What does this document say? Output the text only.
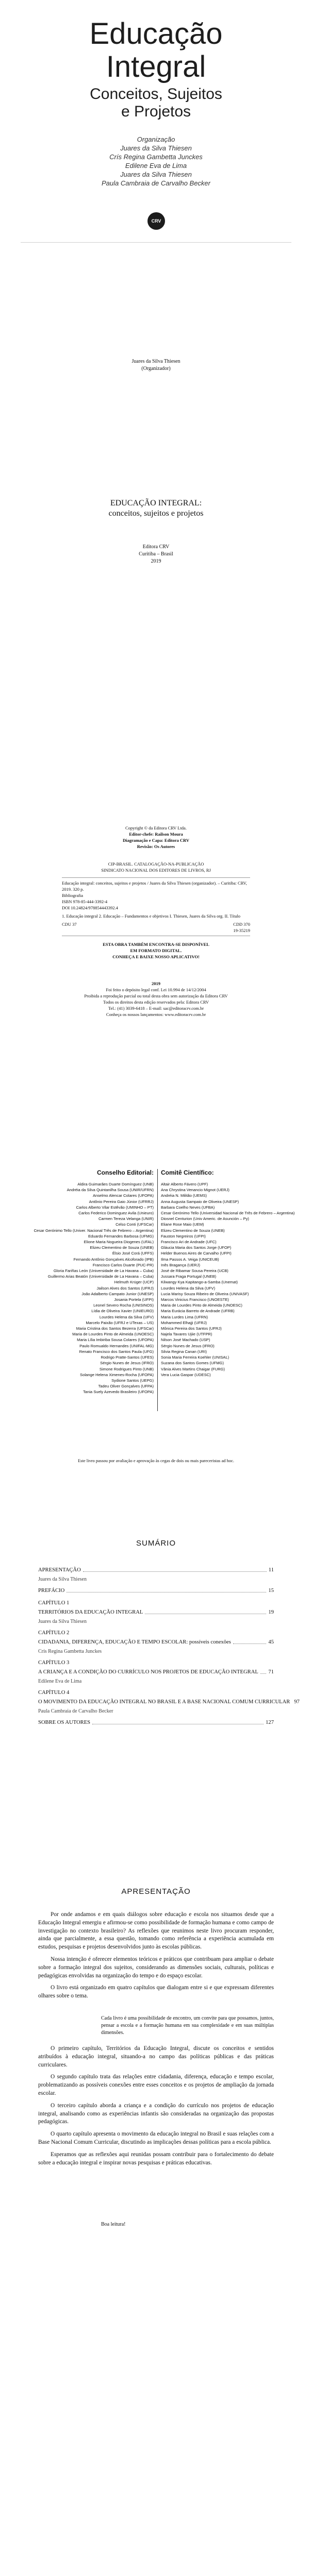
Educação
Integral
Conceitos, Sujeitos
e Projetos
Organização
Juares da Silva Thiesen
Crís Regina Gambetta Junckes
Edilene Eva de Lima
Juares da Silva Thiesen
Paula Cambraia de Carvalho Becker
CRV
Juares da Silva Thiesen
(Organizador)
EDUCAÇÃO INTEGRAL:
conceitos, sujeitos e projetos
Editora CRV
Curitiba – Brasil
2019
Copyright © da Editora CRV Ltda.
Editor-chefe: Railson Moura
Diagramação e Capa: Editora CRV
Revisão: Os Autores
CIP-BRASIL. CATALOGAÇÃO-NA-PUBLICAÇÃO
SINDICATO NACIONAL DOS EDITORES DE LIVROS, RJ
Educação integral: conceitos, sujeitos e projetos / Juares da Silva Thiesen (organizador). – Curitiba: CRV, 2019. 320 p.
Bibliografia
ISBN 978-85-444-3392-4
DOI 10.24824/978854443392.4
1. Educação integral 2. Educação – Fundamentos e objetivos I. Thiesen, Juares da Silva org. II. Título
CDU 37	CDD 370
19-35219
ESTA OBRA TAMBÉM ENCONTRA-SE DISPONÍVEL
EM FORMATO DIGITAL.
CONHEÇA E BAIXE NOSSO APLICATIVO!
2019
Foi feito o depósito legal conf. Lei 10.994 de 14/12/2004
Proibida a reprodução parcial ou total desta obra sem autorização da Editora CRV
Todos os direitos desta edição reservados pela: Editora CRV
Tel.: (41) 3039-6418 – E-mail: sac@editoracrv.com.br
Conheça os nossos lançamentos: www.editoracrv.com.br
Conselho Editorial: Comitê Científico:
Aldira Guimarães Duarte Domínguez (UNB)
Andréia da Silva Quintanilha Sousa (UNIR/UFRN)
Anselmo Alencar Colares (UFOPA)
Antônio Pereira Gaio Júnior (UFRRJ)
Carlos Alberto Vilar Estêvão (UMINHO – PT)
Carlos Federico Dominguez Avila (Unieuro)
Carmen Tereza Velanga (UNIR)
Celso Conti (UFSCar)
Cesar Gerónimo Tello (Univer. Nacional Três de Febrero – Argentina)
Eduardo Fernandes Barbosa (UFMG)
Elione Maria Nogueira Diogenes (UFAL)
Elizeu Clementino de Souza (UNEB)
Élsio José Corá (UFFS)
Fernando Antônio Gonçalves Alcoforado (IPB)
Francisco Carlos Duarte (PUC-PR)
Gloria Fariñas León (Universidade de La Havana – Cuba)
Guillermo Arias Beatón (Universidade de La Havana – Cuba)
Helmuth Krüger (UCP)
Jailson Alves dos Santos (UFRJ)
João Adalberto Campato Junior (UNESP)
Josania Portela (UFPI)
Leonel Severo Rocha (UNISINOS)
Lídia de Oliveira Xavier (UNIEURO)
Lourdes Helena da Silva (UFV)
Marcelo Paixão (UFRJ e UTexas – US)
Maria Cristina dos Santos Bezerra (UFSCar)
Maria de Lourdes Pinto de Almeida (UNOESC)
Maria Lília Imbiriba Sousa Colares (UFOPA)
Paulo Romualdo Hernandes (UNIFAL-MG)
Renato Francisco dos Santos Paula (UFG)
Rodrigo Pratte-Santos (UFES)
Sérgio Nunes de Jesus (IFRO)
Simone Rodrigues Pinto (UNB)
Solange Helena Ximenes-Rocha (UFOPA)
Sydione Santos (UEPG)
Tadeu Oliver Gonçalves (UFPA)
Tania Suely Azevedo Brasileiro (UFOPA)
Altair Alberto Fávero (UPF)
Ana Chrystina Venancio Mignot (UERJ)
Andréia N. Militão (UEMS)
Anna Augusta Sampaio de Oliveira (UNESP)
Barbara Coelho Neves (UFBA)
Cesar Gerónimo Tello (Universidad Nacional de Três de Febrero – Argentina)
Diosnel Centurion (Univ Americ. de Asunción – Py)
Eliane Rose Maio (UEM)
Elizeu Clementino de Souza (UNEB)
Fauston Negreiros (UFPI)
Francisco Ari de Andrade (UFC)
Gláucia Maria dos Santos Jorge (UFOP)
Helder Buenos Aires de Carvalho (UFPI)
Ilma Passos A. Veiga (UNICEUB)
Inês Bragança (UERJ)
José de Ribamar Sousa Pereira (UCB)
Jussara Fraga Portugal (UNEB)
Kilwangy Kya Kapitango-a-Samba (Unemat)
Lourdes Helena da Silva (UFV)
Lucia Marisy Souza Ribeiro de Oliveira (UNIVASF)
Marcos Vinicius Francisco (UNOESTE)
Maria de Lourdes Pinto de Almeida (UNOESC)
Maria Eurácia Barreto de Andrade (UFRB)
Maria Lurdes Lima (UFRN)
Mohammed Elhajji (UFRJ)
Mônica Pereira dos Santos (UFRJ)
Najela Tavares Ujiie (UTFPR)
Nilson José Machado (USP)
Sérgio Nunes de Jesus (IFRO)
Silvia Regina Canan (URI)
Sonia Maria Ferreira Koehler (UNISAL)
Suzana dos Santos Gomes (UFMG)
Vânia Alves Martins Chaigar (FURG)
Vera Lucia Gaspar (UDESC)
Este livro passou por avaliação e aprovação às cegas de dois ou mais pareceristas ad hoc.
SUMÁRIO
APRESENTAÇÃO	11
Juares da Silva Thiesen
PREFÁCIO	15
CAPÍTULO 1
TERRITÓRIOS DA EDUCAÇÃO INTEGRAL	19
Juares da Silva Thiesen
CAPÍTULO 2
CIDADANIA, DIFERENÇA, EDUCAÇÃO E TEMPO ESCOLAR: possíveis conexões	45
Crís Regina Gambetta Junckes
CAPÍTULO 3
A CRIANÇA E A CONDIÇÃO DO CURRÍCULO NOS PROJETOS DE EDUCAÇÃO INTEGRAL 71
Edilene Eva de Lima
CAPÍTULO 4
O MOVIMENTO DA EDUCAÇÃO INTEGRAL NO BRASIL E A BASE NACIONAL COMUM CURRICULAR 97
Paula Cambraia de Carvalho Becker
SOBRE OS AUTORES	127
APRESENTAÇÃO

Por onde andamos e em quais diálogos sobre educação e escola nos situamos desde que a Educação Integral emergiu e afirmou-se como possibilidade de formação humana e como campo de investigação no contexto brasileiro? As reflexões que reunimos neste livro procuram responder, ainda que parcialmente, a essa questão, tomando como referência a experiência acumulada em estudos, pesquisas e projetos desenvolvidos junto às escolas públicas.

Nossa intenção é oferecer elementos teóricos e práticos que contribuam para ampliar o debate sobre a formação integral dos sujeitos, considerando as dimensões sociais, culturais, políticas e pedagógicas envolvidas na organização do tempo e do espaço escolar.

O livro está organizado em quatro capítulos que dialogam entre si e que expressam diferentes olhares sobre o tema.

Cada livro é uma possibilidade de encontro, um convite para que possamos, juntos, pensar a escola e a formação humana em sua complexidade e em suas múltiplas dimensões.

O primeiro capítulo, Territórios da Educação Integral, discute os conceitos e sentidos atribuídos à educação integral, situando-a no campo das políticas públicas e das práticas curriculares.

O segundo capítulo trata das relações entre cidadania, diferença, educação e tempo escolar, problematizando as possíveis conexões entre esses conceitos e os projetos de ampliação da jornada escolar.

O terceiro capítulo aborda a criança e a condição do currículo nos projetos de educação integral, analisando como as experiências infantis são consideradas na organização das propostas pedagógicas.

O quarto capítulo apresenta o movimento da educação integral no Brasil e suas relações com a Base Nacional Comum Curricular, discutindo as implicações dessas políticas para a escola pública.

Esperamos que as reflexões aqui reunidas possam contribuir para o fortalecimento do debate sobre a educação integral e inspirar novas pesquisas e práticas educativas.

Boa leitura!
